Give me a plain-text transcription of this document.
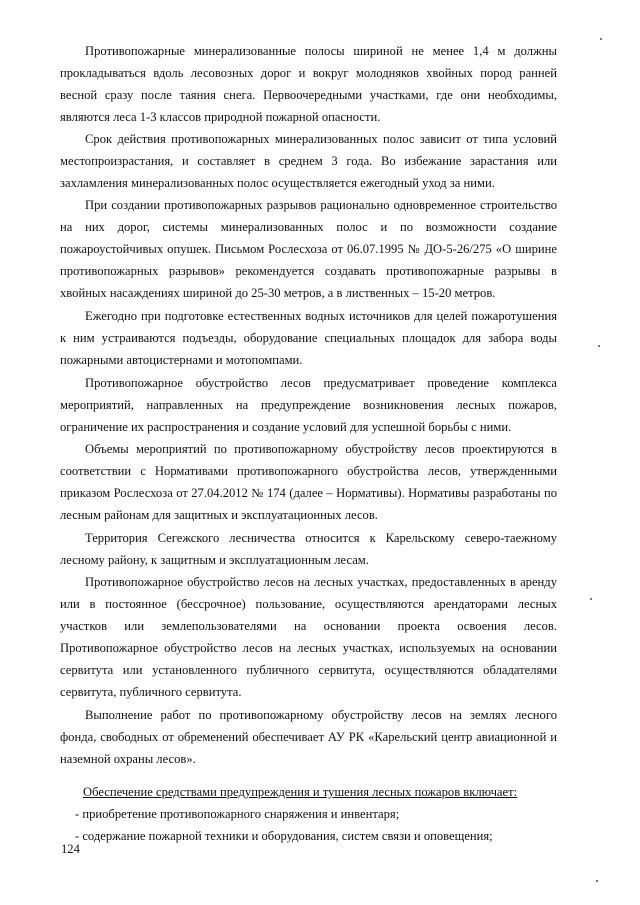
Противопожарные минерализованные полосы шириной не менее 1,4 м должны прокладываться вдоль лесовозных дорог и вокруг молодняков хвойных пород ранней весной сразу после таяния снега. Первоочередными участками, где они необходимы, являются леса 1-3 классов природной пожарной опасности.

Срок действия противопожарных минерализованных полос зависит от типа условий местопроизрастания, и составляет в среднем 3 года. Во избежание зарастания или захламления минерализованных полос осуществляется ежегодный уход за ними.

При создании противопожарных разрывов рационально одновременное строительство на них дорог, системы минерализованных полос и по возможности создание пожароустойчивых опушек. Письмом Рослесхоза от 06.07.1995 № ДО-5-26/275 «О ширине противопожарных разрывов» рекомендуется создавать противопожарные разрывы в хвойных насаждениях шириной до 25-30 метров, а в лиственных – 15-20 метров.

Ежегодно при подготовке естественных водных источников для целей пожаротушения к ним устраиваются подъезды, оборудование специальных площадок для забора воды пожарными автоцистернами и мотопомпами.

Противопожарное обустройство лесов предусматривает проведение комплекса мероприятий, направленных на предупреждение возникновения лесных пожаров, ограничение их распространения и создание условий для успешной борьбы с ними.

Объемы мероприятий по противопожарному обустройству лесов проектируются в соответствии с Нормативами противопожарного обустройства лесов, утвержденными приказом Рослесхоза от 27.04.2012 № 174 (далее – Нормативы). Нормативы разработаны по лесным районам для защитных и эксплуатационных лесов.

Территория Сегежского лесничества относится к Карельскому северо-таежному лесному району, к защитным и эксплуатационным лесам.

Противопожарное обустройство лесов на лесных участках, предоставленных в аренду или в постоянное (бессрочное) пользование, осуществляются арендаторами лесных участков или землепользователями на основании проекта освоения лесов. Противопожарное обустройство лесов на лесных участках, используемых на основании сервитута или установленного публичного сервитута, осуществляются обладателями сервитута, публичного сервитута.

Выполнение работ по противопожарному обустройству лесов на землях лесного фонда, свободных от обременений обеспечивает АУ РК «Карельский центр авиационной и наземной охраны лесов».

Обеспечение средствами предупреждения и тушения лесных пожаров включает:

- приобретение противопожарного снаряжения и инвентаря;

- содержание пожарной техники и оборудования, систем связи и оповещения;

124
